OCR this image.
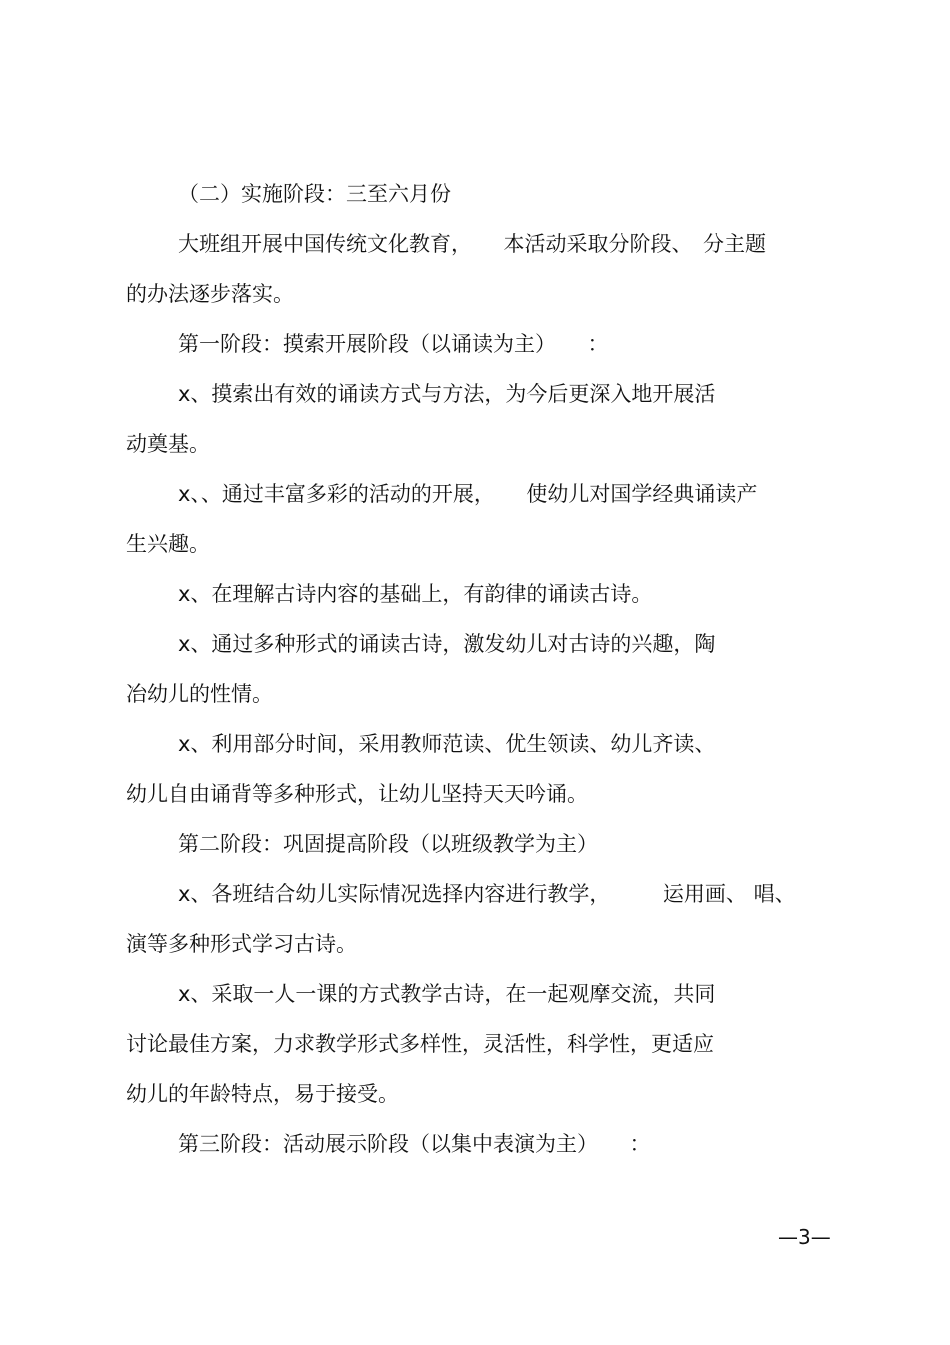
（二）实施阶段：三至六月份

大班组开展中国传统文化教育，　　本活动采取分阶段、　分主题

的办法逐步落实。

第一阶段：摸索开展阶段（以诵读为主）　　：

x、摸索出有效的诵读方式与方法，为今后更深入地开展活

动奠基。

x、、通过丰富多彩的活动的开展，　　使幼儿对国学经典诵读产

生兴趣。

x、在理解古诗内容的基础上，有韵律的诵读古诗。

x、通过多种形式的诵读古诗，激发幼儿对古诗的兴趣，陶

冶幼儿的性情。

x、利用部分时间，采用教师范读、优生领读、幼儿齐读、

幼儿自由诵背等多种形式，让幼儿坚持天天吟诵。

第二阶段：巩固提高阶段（以班级教学为主）

x、各班结合幼儿实际情况选择内容进行教学，　　　运用画、 唱、

演等多种形式学习古诗。

x、采取一人一课的方式教学古诗，在一起观摩交流，共同

讨论最佳方案，力求教学形式多样性，灵活性，科学性，更适应

幼儿的年龄特点，易于接受。

第三阶段：活动展示阶段（以集中表演为主）　　：

—3—
